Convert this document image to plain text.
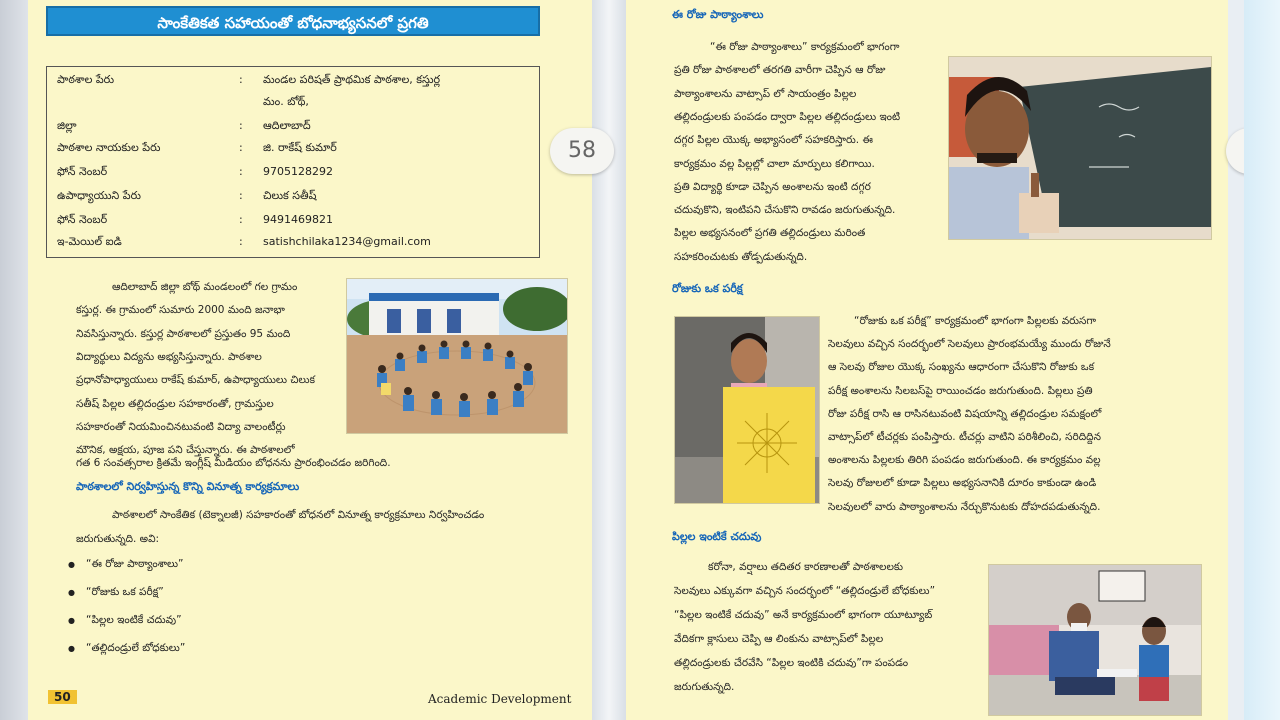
సాంకేతికత సహాయంతో బోధనాభ్యసనలో ప్రగతి
పాఠశాల పేరు	: మండల పరిషత్ ప్రాథమిక పాఠశాల, కస్తుర్ల
మం. బోథ్,
జిల్లా	: ఆదిలాబాద్
పాఠశాల నాయకుల పేరు	: జి. రాకేష్ కుమార్
ఫోన్ నెంబర్	: 9705128292
ఉపాధ్యాయుని పేరు	: చిలుక సతీష్
ఫోన్ నెంబర్	: 9491469821
ఇ-మెయిల్ ఐడి	: satishchilaka1234@gmail.com
ఆదిలాబాద్ జిల్లా బోథ్ మండలంలో గల గ్రామం
కస్తుర్ల. ఈ గ్రామంలో సుమారు 2000 మంది జనాభా
నివసిస్తున్నారు. కస్తుర్ల పాఠశాలలో ప్రస్తుతం 95 మంది
విద్యార్థులు విద్యను అభ్యసిస్తున్నారు. పాఠశాల
ప్రధానోపాధ్యాయులు రాకేష్ కుమార్, ఉపాధ్యాయులు చిలుక
సతీష్ పిల్లల తల్లిదండ్రుల సహకారంతో, గ్రామస్తుల
సహకారంతో నియమించినటువంటి విద్యా వాలంటీర్లు
మౌనిక, అక్షయ, పూజ పని చేస్తున్నారు. ఈ పాఠశాలలో
గత 6 సంవత్సరాల క్రితమే ఇంగ్లీష్ మీడియం బోధనను ప్రారంభించడం జరిగింది.
పాఠశాలలో నిర్వహిస్తున్న కొన్ని వినూత్న కార్యక్రమాలు
పాఠశాలలో సాంకేతిక (టెక్నాలజీ) సహకారంతో బోధనలో వినూత్న కార్యక్రమాలు నిర్వహించడం
జరుగుతున్నది. అవి:
● “ఈ రోజు పాఠ్యాంశాలు”
● “రోజుకు ఒక పరీక్ష”
● “పిల్లల ఇంటికే చదువు”
● “తల్లిదండ్రులే బోధకులు”
50	Academic Development
58
ఈ రోజు పాఠ్యాంశాలు
“ఈ రోజు పాఠ్యాంశాలు” కార్యక్రమంలో భాగంగా
ప్రతి రోజు పాఠశాలలో తరగతి వారీగా చెప్పిన ఆ రోజు
పాఠ్యాంశాలను వాట్సాప్ లో సాయంత్రం పిల్లల
తల్లిదండ్రులకు పంపడం ద్వారా పిల్లల తల్లిదండ్రులు ఇంటి
దగ్గర పిల్లల యొక్క అభ్యాసంలో సహకరిస్తారు. ఈ
కార్యక్రమం వల్ల పిల్లల్లో చాలా మార్పులు కలిగాయి.
ప్రతి విద్యార్థి కూడా చెప్పిన అంశాలను ఇంటి దగ్గర
చదువుకొని, ఇంటిపని చేసుకొని రావడం జరుగుతున్నది.
పిల్లల అభ్యసనంలో ప్రగతి తల్లిదండ్రులు మరింత
సహకరించుటకు తోడ్పడుతున్నది.
రోజుకు ఒక పరీక్ష
“రోజుకు ఒక పరీక్ష” కార్యక్రమంలో భాగంగా పిల్లలకు వరుసగా
సెలవులు వచ్చిన సందర్భంలో సెలవులు ప్రారంభమయ్యే ముందు రోజునే
ఆ సెలవు రోజుల యొక్క సంఖ్యను ఆధారంగా చేసుకొని రోజుకు ఒక
పరీక్ష అంశాలను సిలబస్‌పై రాయించడం జరుగుతుంది. పిల్లలు ప్రతి
రోజు పరీక్ష రాసి ఆ రాసినటువంటి విషయాన్ని తల్లిదండ్రుల సమక్షంలో
వాట్సాప్‌లో టీచర్లకు పంపిస్తారు. టీచర్లు వాటిని పరిశీలించి, సరిదిద్దిన
అంశాలను పిల్లలకు తిరిగి పంపడం జరుగుతుంది. ఈ కార్యక్రమం వల్ల
సెలవు రోజులలో కూడా పిల్లలు అభ్యసనానికి దూరం కాకుండా ఉండి
సెలవులలో వారు పాఠ్యాంశాలను నేర్చుకొనుటకు దోహదపడుతున్నది.
పిల్లల ఇంటికే చదువు
కరోనా, వర్షాలు తదితర కారణాలతో పాఠశాలలకు
సెలవులు ఎక్కువగా వచ్చిన సందర్భంలో “తల్లిదండ్రులే బోధకులు”
“పిల్లల ఇంటికే చదువు” అనే కార్యక్రమంలో భాగంగా యూట్యూబ్
వేదికగా క్లాసులు చెప్పి ఆ లింకును వాట్సాప్‌లో పిల్లల
తల్లిదండ్రులకు చేరవేసి “పిల్లల ఇంటికి చదువు”గా పంపడం
జరుగుతున్నది.
